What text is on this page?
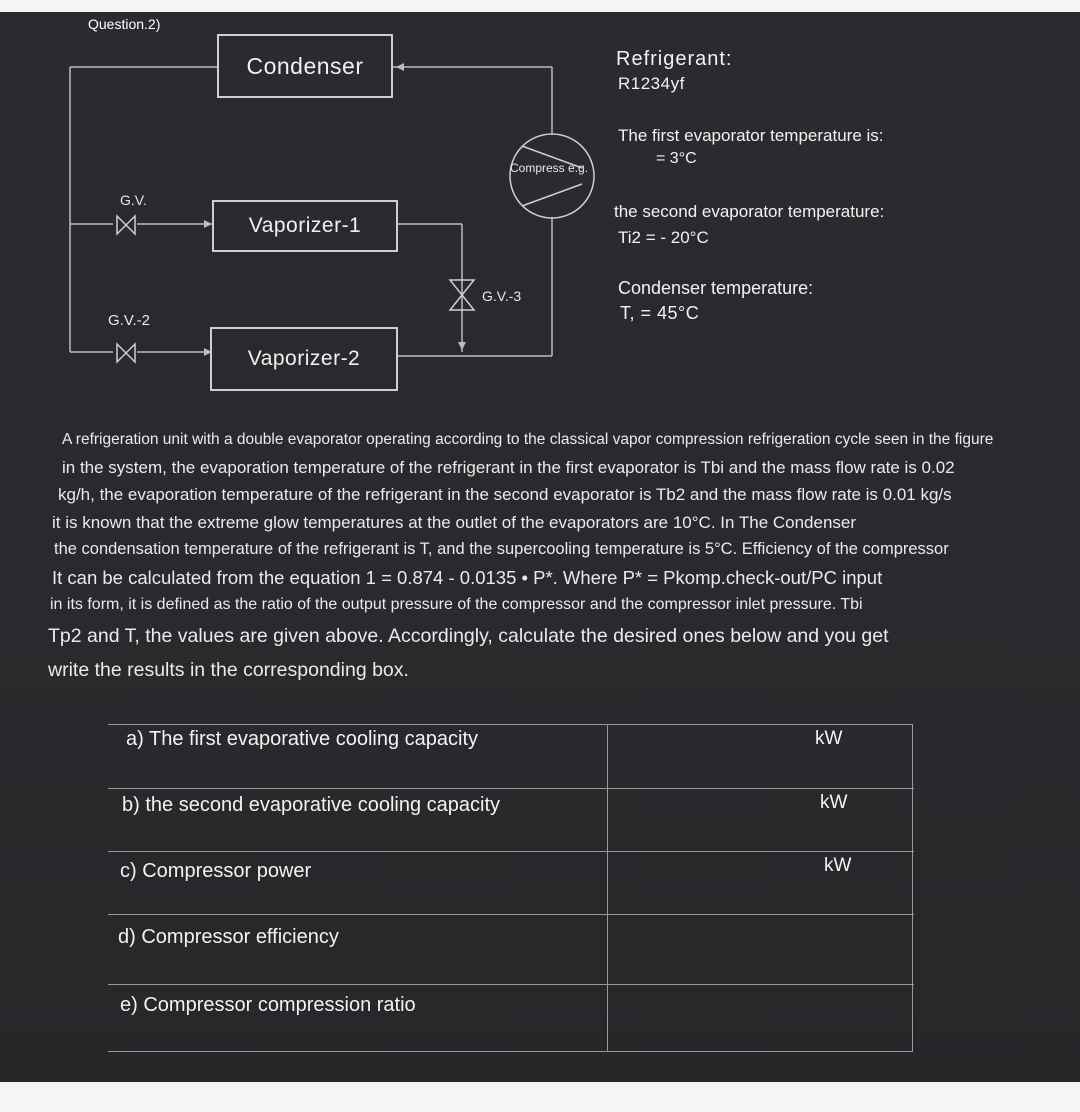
Question.2)
Condenser
Vaporizer-1
Vaporizer-2
Compress e.g.
G.V.
G.V.-2
G.V.-3
Refrigerant:
R1234yf
The first evaporator temperature is:
= 3°C
the second evaporator temperature:
Ti2 = - 20°C
Condenser temperature:
T, = 45°C
A refrigeration unit with a double evaporator operating according to the classical vapor compression refrigeration cycle seen in the figure
in the system, the evaporation temperature of the refrigerant in the first evaporator is Tbi and the mass flow rate is 0.02
kg/h, the evaporation temperature of the refrigerant in the second evaporator is Tb2 and the mass flow rate is 0.01 kg/s
it is known that the extreme glow temperatures at the outlet of the evaporators are 10°C. In The Condenser
the condensation temperature of the refrigerant is T, and the supercooling temperature is 5°C. Efficiency of the compressor
It can be calculated from the equation 1 = 0.874 - 0.0135 • P*. Where P* = Pkomp.check-out/PC input
in its form, it is defined as the ratio of the output pressure of the compressor and the compressor inlet pressure. Tbi
Tp2 and T, the values are given above. Accordingly, calculate the desired ones below and you get
write the results in the corresponding box.
a) The first evaporative cooling capacity
b) the second evaporative cooling capacity
c) Compressor power
d) Compressor efficiency
e) Compressor compression ratio
kW
kW
kW
